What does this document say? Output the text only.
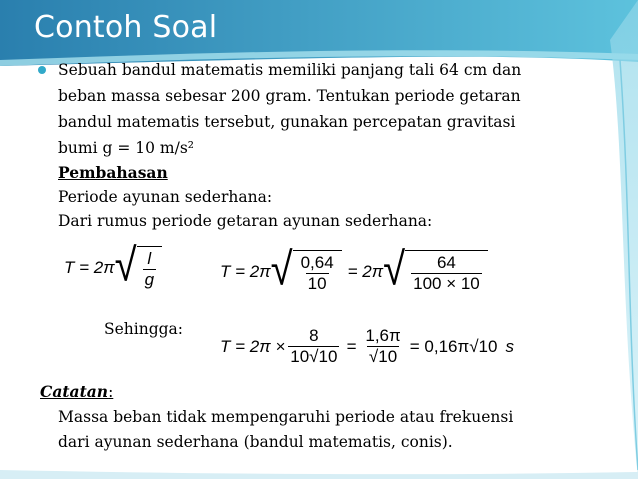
Contoh Soal
Sebuah bandul matematis memiliki panjang tali 64 cm dan
beban massa sebesar 200 gram. Tentukan periode getaran
bandul matematis tersebut, gunakan percepatan gravitasi
bumi g = 10 m/s²
Pembahasan
Periode ayunan sederhana:
Dari rumus periode getaran ayunan sederhana:
T = 2π √ $\frac{l}{g}$	T = 2π √ $\frac{0,64}{10} = 2\pi$ √ $\frac{64}{100 \times 10}$
Sehingga:
$T = 2\pi \times \frac{8}{10√10} = \frac{1,6\pi}{√10} = 0,16\pi√10$ s
Catatan:
Massa beban tidak mempengaruhi periode atau frekuensi
dari ayunan sederhana (bandul matematis, conis).
